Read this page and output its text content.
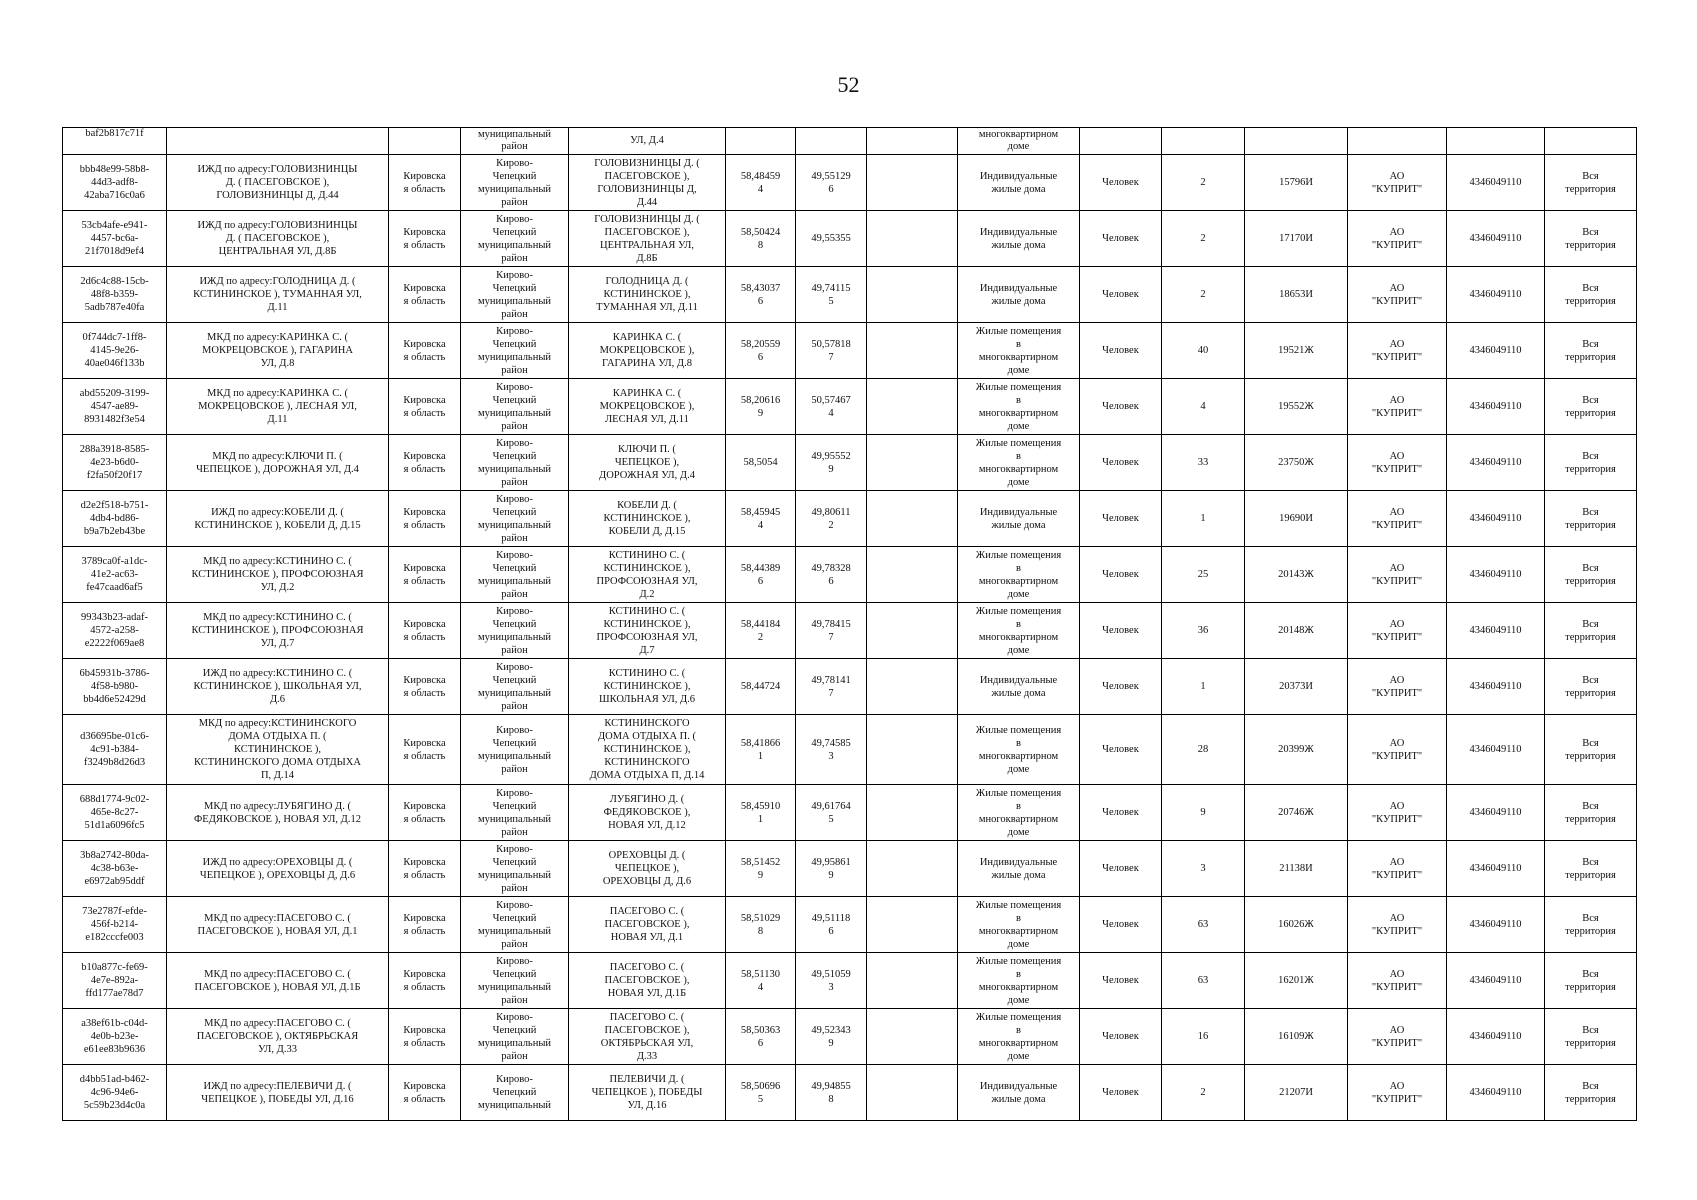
52
baf2b817c71f			муниципальный
район	УЛ, Д.4				многоквартирном
доме						

bbb48e99-58b8-
44d3-adf8-
42aba716c0a6	ИЖД по адресу:ГОЛОВИЗНИНЦЫ
Д. ( ПАСЕГОВСКОЕ ),
ГОЛОВИЗНИНЦЫ Д, Д.44	Кировска
я область	Кирово-
Чепецкий
муниципальный
район	ГОЛОВИЗНИНЦЫ Д. (
ПАСЕГОВСКОЕ ),
ГОЛОВИЗНИНЦЫ Д,
Д.44	58,48459
4	49,55129
6		Индивидуальные
жилые дома	Человек	2	15796И	АО
"КУПРИТ"	4346049110	Вся
территория

53cb4afe-e941-
4457-bc6a-
21f7018d9ef4	ИЖД по адресу:ГОЛОВИЗНИНЦЫ
Д. ( ПАСЕГОВСКОЕ ),
ЦЕНТРАЛЬНАЯ УЛ, Д.8Б	Кировска
я область	Кирово-
Чепецкий
муниципальный
район	ГОЛОВИЗНИНЦЫ Д. (
ПАСЕГОВСКОЕ ),
ЦЕНТРАЛЬНАЯ УЛ,
Д.8Б	58,50424
8	49,55355		Индивидуальные
жилые дома	Человек	2	17170И	АО
"КУПРИТ"	4346049110	Вся
территория

2d6c4c88-15cb-
48f8-b359-
5adb787e40fa	ИЖД по адресу:ГОЛОДНИЦА Д. (
КСТИНИНСКОЕ ), ТУМАННАЯ УЛ,
Д.11	Кировска
я область	Кирово-
Чепецкий
муниципальный
район	ГОЛОДНИЦА Д. (
КСТИНИНСКОЕ ),
ТУМАННАЯ УЛ, Д.11	58,43037
6	49,74115
5		Индивидуальные
жилые дома	Человек	2	18653И	АО
"КУПРИТ"	4346049110	Вся
территория

0f744dc7-1ff8-
4145-9e26-
40ae046f133b	МКД по адресу:КАРИНКА С. (
МОКРЕЦОВСКОЕ ), ГАГАРИНА
УЛ, Д.8	Кировска
я область	Кирово-
Чепецкий
муниципальный
район	КАРИНКА С. (
МОКРЕЦОВСКОЕ ),
ГАГАРИНА УЛ, Д.8	58,20559
6	50,57818
7		Жилые помещения
в
многоквартирном
доме	Человек	40	19521Ж	АО
"КУПРИТ"	4346049110	Вся
территория

abd55209-3199-
4547-ae89-
8931482f3e54	МКД по адресу:КАРИНКА С. (
МОКРЕЦОВСКОЕ ), ЛЕСНАЯ УЛ,
Д.11	Кировска
я область	Кирово-
Чепецкий
муниципальный
район	КАРИНКА С. (
МОКРЕЦОВСКОЕ ),
ЛЕСНАЯ УЛ, Д.11	58,20616
9	50,57467
4		Жилые помещения
в
многоквартирном
доме	Человек	4	19552Ж	АО
"КУПРИТ"	4346049110	Вся
территория

288a3918-8585-
4e23-b6d0-
f2fa50f20f17	МКД по адресу:КЛЮЧИ П. (
ЧЕПЕЦКОЕ ), ДОРОЖНАЯ УЛ, Д.4	Кировска
я область	Кирово-
Чепецкий
муниципальный
район	КЛЮЧИ П. (
ЧЕПЕЦКОЕ ),
ДОРОЖНАЯ УЛ, Д.4	58,5054	49,95552
9		Жилые помещения
в
многоквартирном
доме	Человек	33	23750Ж	АО
"КУПРИТ"	4346049110	Вся
территория

d2e2f518-b751-
4db4-bd86-
b9a7b2eb43be	ИЖД по адресу:КОБЕЛИ Д. (
КСТИНИНСКОЕ ), КОБЕЛИ Д, Д.15	Кировска
я область	Кирово-
Чепецкий
муниципальный
район	КОБЕЛИ Д. (
КСТИНИНСКОЕ ),
КОБЕЛИ Д, Д.15	58,45945
4	49,80611
2		Индивидуальные
жилые дома	Человек	1	19690И	АО
"КУПРИТ"	4346049110	Вся
территория

3789ca0f-a1dc-
41e2-ac63-
fe47caad6af5	МКД по адресу:КСТИНИНО С. (
КСТИНИНСКОЕ ), ПРОФСОЮЗНАЯ
УЛ, Д.2	Кировска
я область	Кирово-
Чепецкий
муниципальный
район	КСТИНИНО С. (
КСТИНИНСКОЕ ),
ПРОФСОЮЗНАЯ УЛ,
Д.2	58,44389
6	49,78328
6		Жилые помещения
в
многоквартирном
доме	Человек	25	20143Ж	АО
"КУПРИТ"	4346049110	Вся
территория

99343b23-adaf-
4572-a258-
e2222f069ae8	МКД по адресу:КСТИНИНО С. (
КСТИНИНСКОЕ ), ПРОФСОЮЗНАЯ
УЛ, Д.7	Кировска
я область	Кирово-
Чепецкий
муниципальный
район	КСТИНИНО С. (
КСТИНИНСКОЕ ),
ПРОФСОЮЗНАЯ УЛ,
Д.7	58,44184
2	49,78415
7		Жилые помещения
в
многоквартирном
доме	Человек	36	20148Ж	АО
"КУПРИТ"	4346049110	Вся
территория

6b45931b-3786-
4f58-b980-
bb4d6e52429d	ИЖД по адресу:КСТИНИНО С. (
КСТИНИНСКОЕ ), ШКОЛЬНАЯ УЛ,
Д.6	Кировска
я область	Кирово-
Чепецкий
муниципальный
район	КСТИНИНО С. (
КСТИНИНСКОЕ ),
ШКОЛЬНАЯ УЛ, Д.6	58,44724	49,78141
7		Индивидуальные
жилые дома	Человек	1	20373И	АО
"КУПРИТ"	4346049110	Вся
территория

d36695be-01c6-
4c91-b384-
f3249b8d26d3	МКД по адресу:КСТИНИНСКОГО
ДОМА ОТДЫХА П. (
КСТИНИНСКОЕ ),
КСТИНИНСКОГО ДОМА ОТДЫХА
П, Д.14	Кировска
я область	Кирово-
Чепецкий
муниципальный
район	КСТИНИНСКОГО
ДОМА ОТДЫХА П. (
КСТИНИНСКОЕ ),
КСТИНИНСКОГО
ДОМА ОТДЫХА П, Д.14	58,41866
1	49,74585
3		Жилые помещения
в
многоквартирном
доме	Человек	28	20399Ж	АО
"КУПРИТ"	4346049110	Вся
территория

688d1774-9c02-
465e-8c27-
51d1a6096fc5	МКД по адресу:ЛУБЯГИНО Д. (
ФЕДЯКОВСКОЕ ), НОВАЯ УЛ, Д.12	Кировска
я область	Кирово-
Чепецкий
муниципальный
район	ЛУБЯГИНО Д. (
ФЕДЯКОВСКОЕ ),
НОВАЯ УЛ, Д.12	58,45910
1	49,61764
5		Жилые помещения
в
многоквартирном
доме	Человек	9	20746Ж	АО
"КУПРИТ"	4346049110	Вся
территория

3b8a2742-80da-
4c38-b63e-
e6972ab95ddf	ИЖД по адресу:ОРЕХОВЦЫ Д. (
ЧЕПЕЦКОЕ ), ОРЕХОВЦЫ Д, Д.6	Кировска
я область	Кирово-
Чепецкий
муниципальный
район	ОРЕХОВЦЫ Д. (
ЧЕПЕЦКОЕ ),
ОРЕХОВЦЫ Д, Д.6	58,51452
9	49,95861
9		Индивидуальные
жилые дома	Человек	3	21138И	АО
"КУПРИТ"	4346049110	Вся
территория

73e2787f-efde-
456f-b214-
e182cccfe003	МКД по адресу:ПАСЕГОВО С. (
ПАСЕГОВСКОЕ ), НОВАЯ УЛ, Д.1	Кировска
я область	Кирово-
Чепецкий
муниципальный
район	ПАСЕГОВО С. (
ПАСЕГОВСКОЕ ),
НОВАЯ УЛ, Д.1	58,51029
8	49,51118
6		Жилые помещения
в
многоквартирном
доме	Человек	63	16026Ж	АО
"КУПРИТ"	4346049110	Вся
территория

b10a877c-fe69-
4e7e-892a-
ffd177ae78d7	МКД по адресу:ПАСЕГОВО С. (
ПАСЕГОВСКОЕ ), НОВАЯ УЛ, Д.1Б	Кировска
я область	Кирово-
Чепецкий
муниципальный
район	ПАСЕГОВО С. (
ПАСЕГОВСКОЕ ),
НОВАЯ УЛ, Д.1Б	58,51130
4	49,51059
3		Жилые помещения
в
многоквартирном
доме	Человек	63	16201Ж	АО
"КУПРИТ"	4346049110	Вся
территория

a38ef61b-c04d-
4e0b-b23e-
e61ee83b9636	МКД по адресу:ПАСЕГОВО С. (
ПАСЕГОВСКОЕ ), ОКТЯБРЬСКАЯ
УЛ, Д.33	Кировска
я область	Кирово-
Чепецкий
муниципальный
район	ПАСЕГОВО С. (
ПАСЕГОВСКОЕ ),
ОКТЯБРЬСКАЯ УЛ,
Д.33	58,50363
6	49,52343
9		Жилые помещения
в
многоквартирном
доме	Человек	16	16109Ж	АО
"КУПРИТ"	4346049110	Вся
территория

d4bb51ad-b462-
4c96-94e6-
5c59b23d4c0a	ИЖД по адресу:ПЕЛЕВИЧИ Д. (
ЧЕПЕЦКОЕ ), ПОБЕДЫ УЛ, Д.16	Кировска
я область	Кирово-
Чепецкий
муниципальный	ПЕЛЕВИЧИ Д. (
ЧЕПЕЦКОЕ ), ПОБЕДЫ
УЛ, Д.16	58,50696
5	49,94855
8		Индивидуальные
жилые дома	Человек	2	21207И	АО
"КУПРИТ"	4346049110	Вся
территория
